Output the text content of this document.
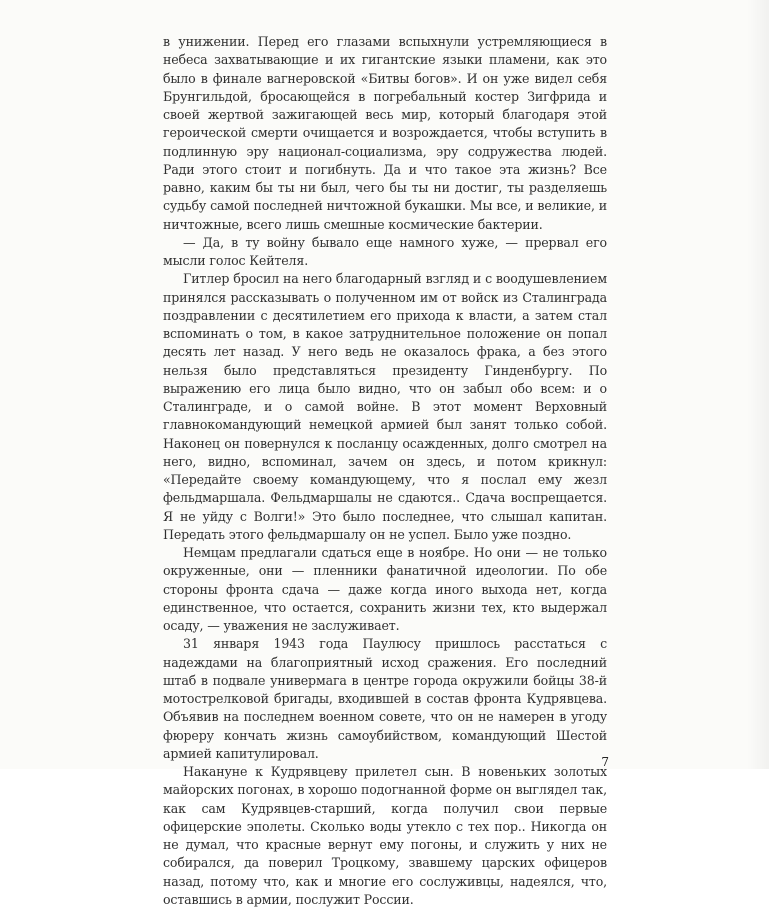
в унижении. Перед его глазами вспыхнули устремляющиеся в небеса захватывающие и их гигантские языки пламени, как это было в финале вагнеровской «Битвы богов». И он уже видел себя Брунгильдой, бросающейся в погребальный костер Зигфрида и своей жертвой зажигающей весь мир, который благодаря этой героической смерти очищается и возрождается, чтобы вступить в подлинную эру национал-социализма, эру содружества людей. Ради этого стоит и погибнуть. Да и что такое эта жизнь? Все равно, каким бы ты ни был, чего бы ты ни достиг, ты разделяешь судьбу самой последней ничтожной букашки. Мы все, и великие, и ничтожные, всего лишь смешные космические бактерии.

— Да, в ту войну бывало еще намного хуже, — прервал его мысли голос Кейтеля.

Гитлер бросил на него благодарный взгляд и с воодушевлением принялся рассказывать о полученном им от войск из Сталинграда поздравлении с десятилетием его прихода к власти, а затем стал вспоминать о том, в какое затруднительное положение он попал десять лет назад. У него ведь не оказалось фрака, а без этого нельзя было представляться президенту Гинденбургу. По выражению его лица было видно, что он забыл обо всем: и о Сталинграде, и о самой войне. В этот момент Верховный главнокомандующий немецкой армией был занят только собой. Наконец он повернулся к посланцу осажденных, долго смотрел на него, видно, вспоминал, зачем он здесь, и потом крикнул: «Передайте своему командующему, что я послал ему жезл фельдмаршала. Фельдмаршалы не сдаются.. Сдача воспрещается. Я не уйду с Волги!» Это было последнее, что слышал капитан. Передать этого фельдмаршалу он не успел. Было уже поздно.

Немцам предлагали сдаться еще в ноябре. Но они — не только окруженные, они — пленники фанатичной идеологии. По обе стороны фронта сдача — даже когда иного выхода нет, когда единственное, что остается, сохранить жизни тех, кто выдержал осаду, — уважения не заслуживает.

31 января 1943 года Паулюсу пришлось расстаться с надеждами на благоприятный исход сражения. Его последний штаб в подвале универмага в центре города окружили бойцы 38-й мотострелковой бригады, входившей в состав фронта Кудрявцева. Объявив на последнем военном совете, что он не намерен в угоду фюреру кончать жизнь самоубийством, командующий Шестой армией капитулировал.

Накануне к Кудрявцеву прилетел сын. В новеньких золотых майорских погонах, в хорошо подогнанной форме он выглядел так, как сам Кудрявцев-старший, когда получил свои первые офицерские эполеты. Сколько воды утекло с тех пор.. Никогда он не думал, что красные вернут ему погоны, и служить у них не собирался, да поверил Троцкому, звавшему царских офицеров назад, потому что, как и многие его сослуживцы, надеялся, что, оставшись в армии, послужит России.

7
